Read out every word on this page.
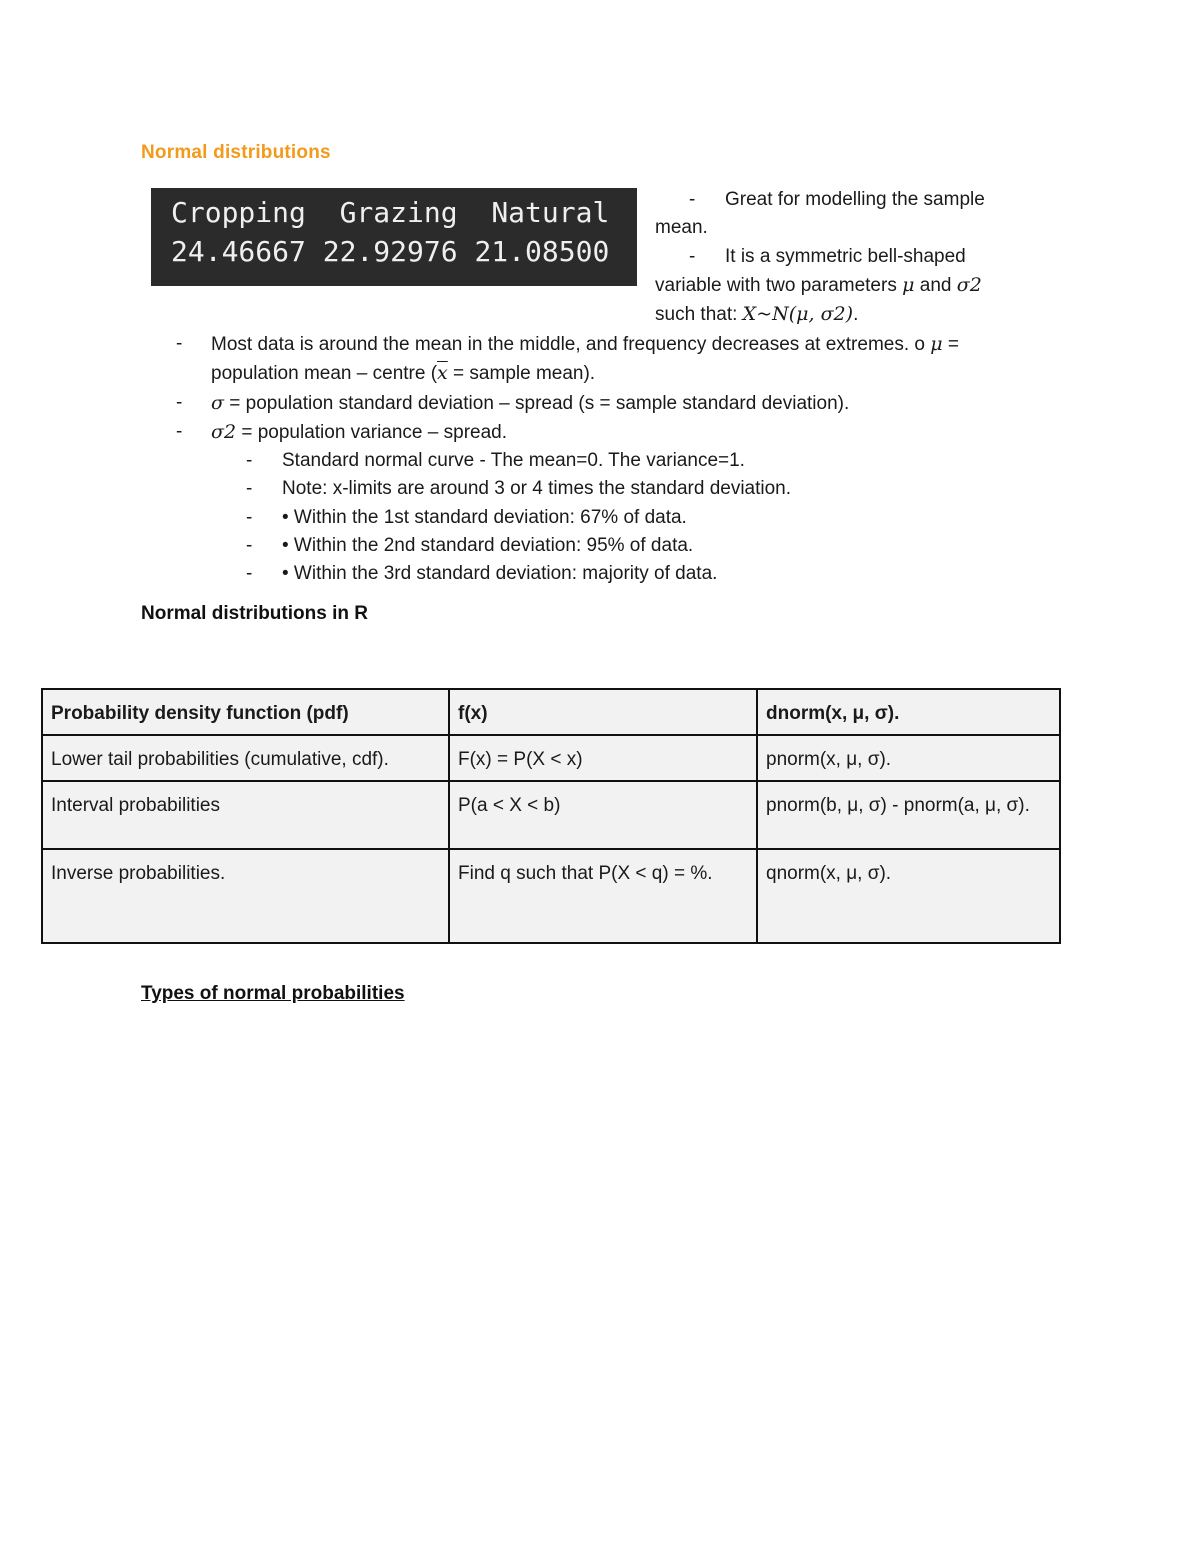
Normal distributions
Cropping Grazing Natural
24.46667 22.92976 21.08500
- Great for modelling the sample
mean.
- It is a symmetric bell-shaped
variable with two parameters μ and σ2
such that: X~N(μ, σ2).
- Most data is around the mean in the middle, and frequency decreases at extremes. o μ =
population mean – centre ($\overline{x}$ = sample mean).
- σ = population standard deviation – spread (s = sample standard deviation).
- σ2 = population variance – spread.
- Standard normal curve - The mean=0. The variance=1.
- Note: x-limits are around 3 or 4 times the standard deviation.
- • Within the 1st standard deviation: 67% of data.
- • Within the 2nd standard deviation: 95% of data.
- • Within the 3rd standard deviation: majority of data.
Normal distributions in R
Probability density function (pdf)	f(x)	dnorm(x, μ, σ).
Lower tail probabilities (cumulative, cdf).	F(x) = P(X < x)	pnorm(x, μ, σ).
Interval probabilities	P(a < X < b)	pnorm(b, μ, σ) - pnorm(a, μ, σ).
Inverse probabilities.	Find q such that P(X < q) = %.	qnorm(x, μ, σ).
Types of normal probabilities
